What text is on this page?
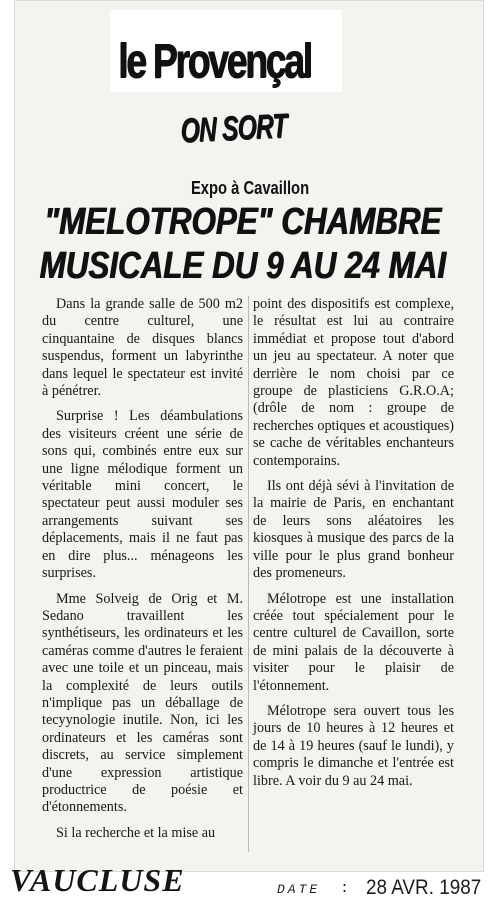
le Provençal
ON SORT
Expo à Cavaillon
"MELOTROPE" CHAMBRE
MUSICALE DU 9 AU 24 MAI

Dans la grande salle de 500 m2 du centre culturel, une cinquantaine de disques blancs suspendus, forment un labyrinthe dans lequel le spectateur est invité à pénétrer.

Surprise ! Les déambulations des visiteurs créent une série de sons qui, combinés entre eux sur une ligne mélodique forment un véritable mini concert, le spectateur peut aussi moduler ses arrangements suivant ses déplacements, mais il ne faut pas en dire plus... ménageons les surprises.

Mme Solveig de Orig et M. Sedano travaillent les synthétiseurs, les ordinateurs et les caméras comme d'autres le feraient avec une toile et un pinceau, mais la complexité de leurs outils n'implique pas un déballage de tecyynologie inutile. Non, ici les ordinateurs et les caméras sont discrets, au service simplement d'une expression artistique productrice de poésie et d'étonnements.

Si la recherche et la mise au

point des dispositifs est complexe, le résultat est lui au contraire immédiat et propose tout d'abord un jeu au spectateur. A noter que derrière le nom choisi par ce groupe de plasticiens G.R.O.A; (drôle de nom : groupe de recherches optiques et acoustiques) se cache de véritables enchanteurs contemporains.

Ils ont déjà sévi à l'invitation de la mairie de Paris, en enchantant de leurs sons aléatoires les kiosques à musique des parcs de la ville pour le plus grand bonheur des promeneurs.

Mélotrope est une installation créée tout spécialement pour le centre culturel de Cavaillon, sorte de mini palais de la découverte à visiter pour le plaisir de l'étonnement.

Mélotrope sera ouvert tous les jours de 10 heures à 12 heures et de 14 à 19 heures (sauf le lundi), y compris le dimanche et l'entrée est libre. A voir du 9 au 24 mai.

VAUCLUSE	DATE : 28 AVR. 1987
